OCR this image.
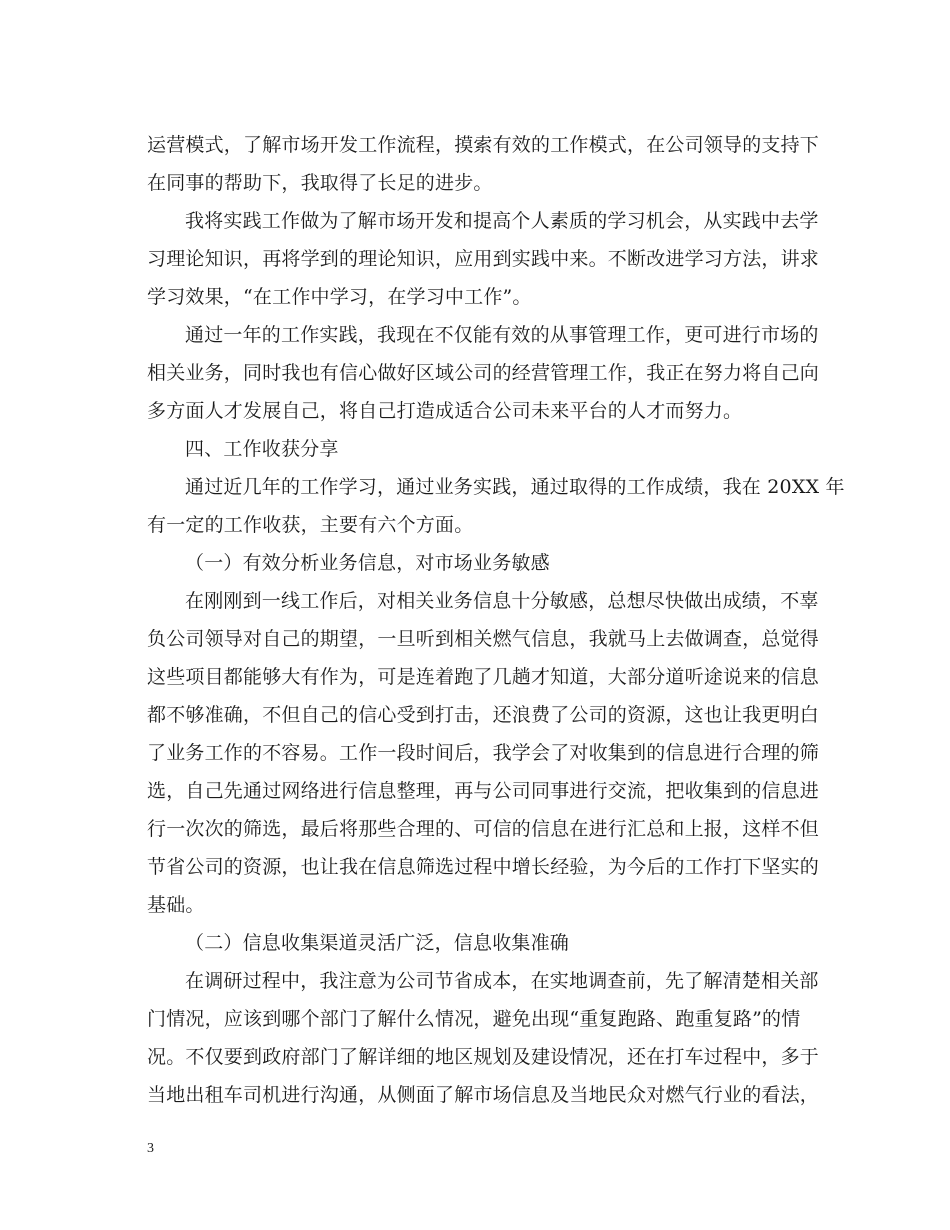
运营模式，了解市场开发工作流程，摸索有效的工作模式，在公司领导的支持下
在同事的帮助下，我取得了长足的进步。
我将实践工作做为了解市场开发和提高个人素质的学习机会，从实践中去学
习理论知识，再将学到的理论知识，应用到实践中来。不断改进学习方法，讲求
学习效果，“在工作中学习，在学习中工作”。
通过一年的工作实践，我现在不仅能有效的从事管理工作，更可进行市场的
相关业务，同时我也有信心做好区域公司的经营管理工作，我正在努力将自己向
多方面人才发展自己，将自己打造成适合公司未来平台的人才而努力。
四、工作收获分享
通过近几年的工作学习，通过业务实践，通过取得的工作成绩，我在 20XX 年
有一定的工作收获，主要有六个方面。
（一）有效分析业务信息，对市场业务敏感
在刚刚到一线工作后，对相关业务信息十分敏感，总想尽快做出成绩，不辜
负公司领导对自己的期望，一旦听到相关燃气信息，我就马上去做调查，总觉得
这些项目都能够大有作为，可是连着跑了几趟才知道，大部分道听途说来的信息
都不够准确，不但自己的信心受到打击，还浪费了公司的资源，这也让我更明白
了业务工作的不容易。工作一段时间后，我学会了对收集到的信息进行合理的筛
选，自己先通过网络进行信息整理，再与公司同事进行交流，把收集到的信息进
行一次次的筛选，最后将那些合理的、可信的信息在进行汇总和上报，这样不但
节省公司的资源，也让我在信息筛选过程中增长经验，为今后的工作打下坚实的
基础。
（二）信息收集渠道灵活广泛，信息收集准确
在调研过程中，我注意为公司节省成本，在实地调查前，先了解清楚相关部
门情况，应该到哪个部门了解什么情况，避免出现“重复跑路、跑重复路”的情
况。不仅要到政府部门了解详细的地区规划及建设情况，还在打车过程中，多于
当地出租车司机进行沟通，从侧面了解市场信息及当地民众对燃气行业的看法，
3
